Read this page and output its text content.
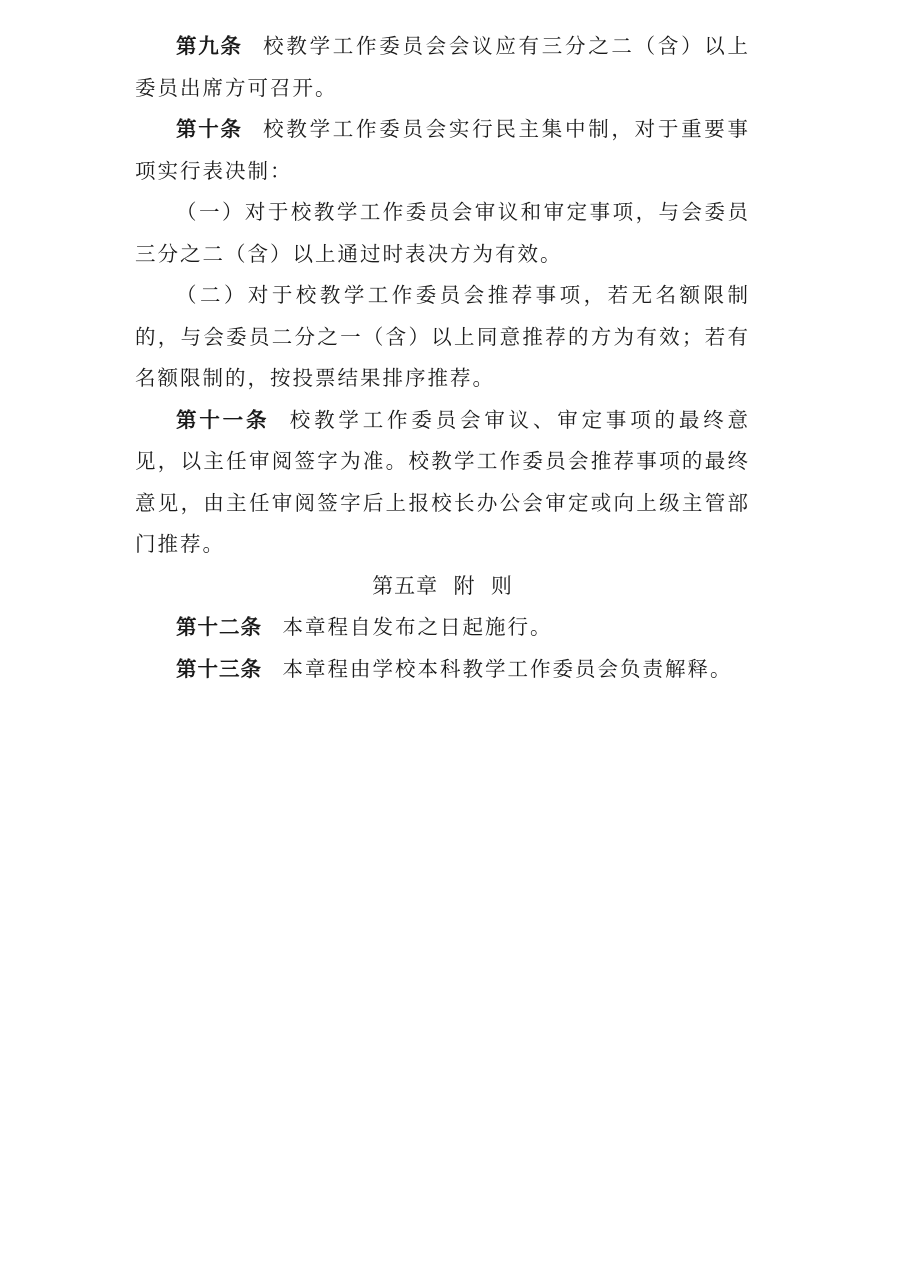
第九条 校教学工作委员会会议应有三分之二（含）以上委员出席方可召开。

第十条 校教学工作委员会实行民主集中制，对于重要事项实行表决制：

（一）对于校教学工作委员会审议和审定事项，与会委员三分之二（含）以上通过时表决方为有效。

（二）对于校教学工作委员会推荐事项，若无名额限制的，与会委员二分之一（含）以上同意推荐的方为有效；若有名额限制的，按投票结果排序推荐。

第十一条 校教学工作委员会审议、审定事项的最终意见，以主任审阅签字为准。校教学工作委员会推荐事项的最终意见，由主任审阅签字后上报校长办公会审定或向上级主管部门推荐。

第五章  附  则

第十二条 本章程自发布之日起施行。

第十三条 本章程由学校本科教学工作委员会负责解释。
